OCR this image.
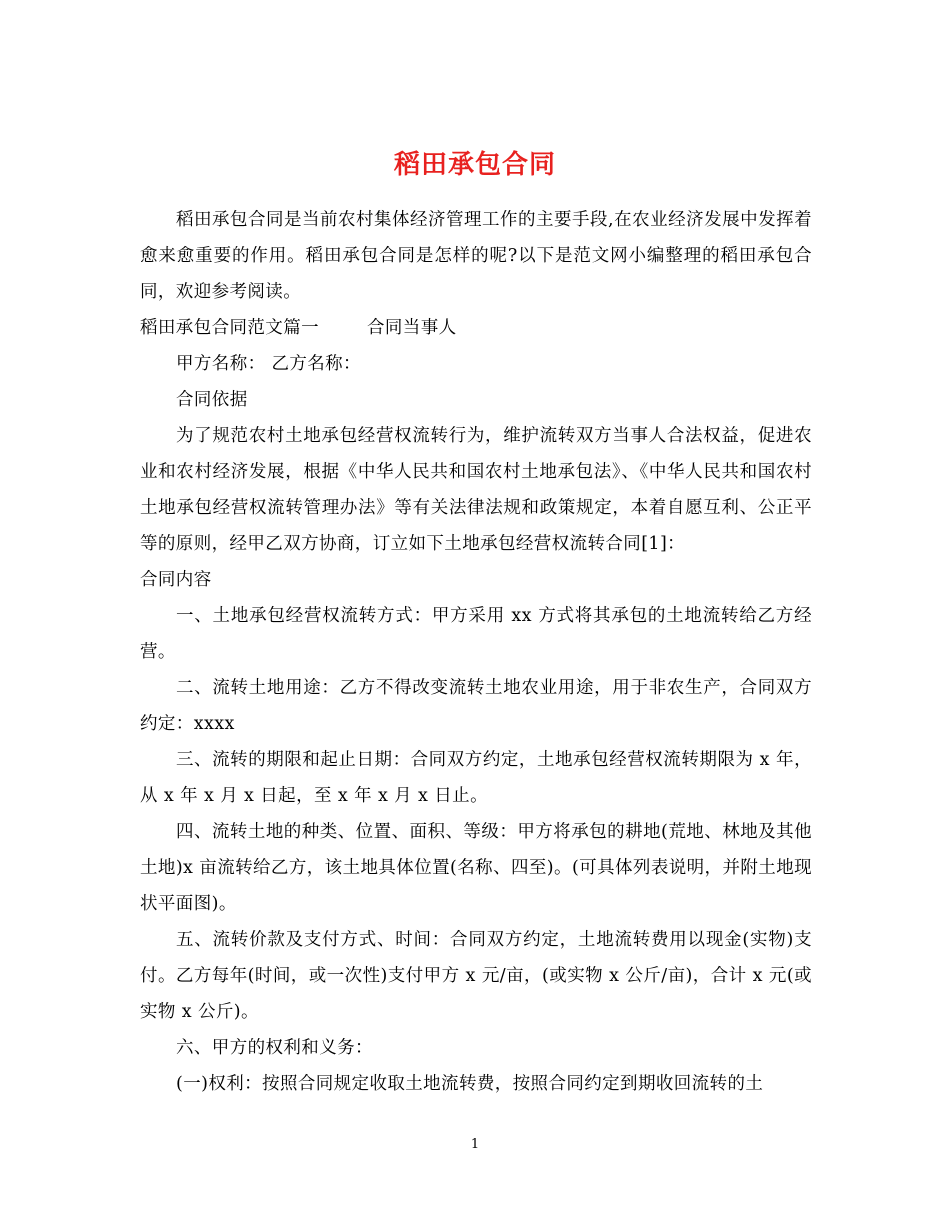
稻田承包合同

稻田承包合同是当前农村集体经济管理工作的主要手段,在农业经济发展中发挥着愈来愈重要的作用。稻田承包合同是怎样的呢?以下是范文网小编整理的稻田承包合同，欢迎参考阅读。

稻田承包合同范文篇一	合同当事人

甲方名称： 乙方名称：

合同依据

为了规范农村土地承包经营权流转行为，维护流转双方当事人合法权益，促进农业和农村经济发展，根据《中华人民共和国农村土地承包法》、《中华人民共和国农村土地承包经营权流转管理办法》等有关法律法规和政策规定，本着自愿互利、公正平等的原则，经甲乙双方协商，订立如下土地承包经营权流转合同[1]：

合同内容

一、土地承包经营权流转方式：甲方采用 xx 方式将其承包的土地流转给乙方经营。

二、流转土地用途：乙方不得改变流转土地农业用途，用于非农生产，合同双方约定：xxxx

三、流转的期限和起止日期：合同双方约定，土地承包经营权流转期限为 x 年，从 x 年 x 月 x 日起，至 x 年 x 月 x 日止。

四、流转土地的种类、位置、面积、等级：甲方将承包的耕地(荒地、林地及其他土地)x 亩流转给乙方，该土地具体位置(名称、四至)。(可具体列表说明，并附土地现状平面图)。

五、流转价款及支付方式、时间：合同双方约定，土地流转费用以现金(实物)支付。乙方每年(时间，或一次性)支付甲方 x 元/亩，(或实物 x 公斤/亩)，合计 x 元(或实物 x 公斤)。

六、甲方的权利和义务：

(一)权利：按照合同规定收取土地流转费，按照合同约定到期收回流转的土

1
